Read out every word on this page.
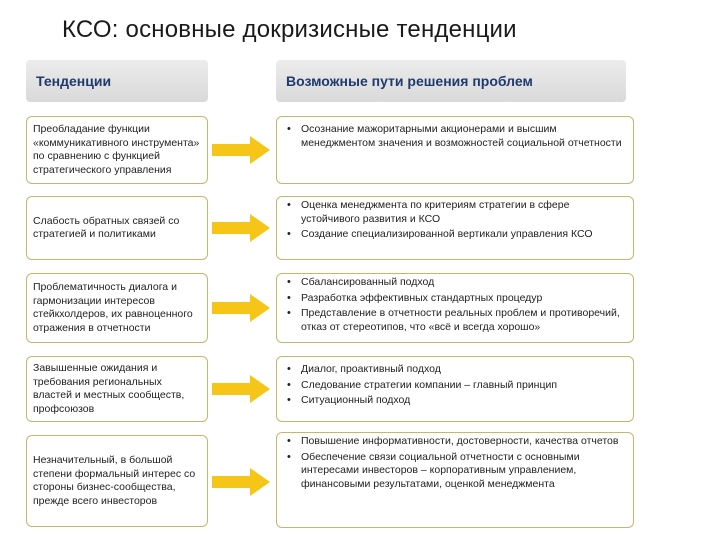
КСО: основные докризисные тенденции
Тенденции	Возможные пути решения проблем
Преобладание функции «коммуникативного инструмента» по сравнению с функцией стратегического управления
• Осознание мажоритарными акционерами и высшим менеджментом значения и возможностей социальной отчетности
Слабость обратных связей со стратегией и политиками
• Оценка менеджмента по критериям стратегии в сфере устойчивого развития и КСО
• Создание специализированной вертикали управления КСО
Проблематичность диалога и гармонизации интересов стейкхолдеров, их равноценного отражения в отчетности
• Сбалансированный подход
• Разработка эффективных стандартных процедур
• Представление в отчетности реальных проблем и противоречий, отказ от стереотипов, что «всё и всегда хорошо»
Завышенные ожидания и требования региональных властей и местных сообществ, профсоюзов
• Диалог, проактивный подход
• Следование стратегии компании – главный принцип
• Ситуационный подход
Незначительный, в большой степени формальный интерес со стороны бизнес-сообщества, прежде всего инвесторов
• Повышение информативности, достоверности, качества отчетов
• Обеспечение связи социальной отчетности с основными интересами инвесторов – корпоративным управлением, финансовыми результатами, оценкой менеджмента
